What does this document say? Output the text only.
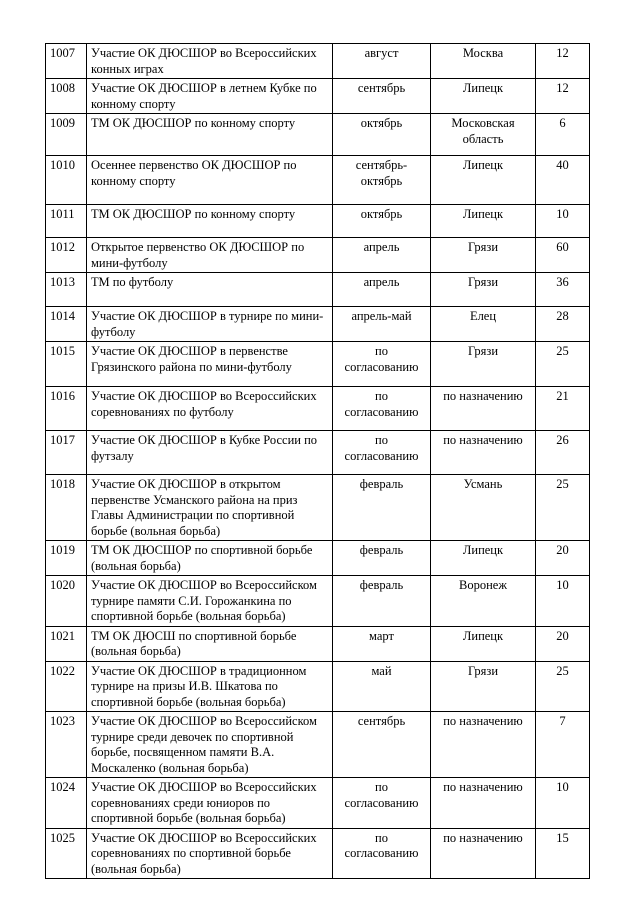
1007	Участие ОК ДЮСШОР во Всероссийских конных играх	август	Москва	12
1008	Участие ОК ДЮСШОР в летнем Кубке по конному спорту	сентябрь	Липецк	12
1009	ТМ ОК ДЮСШОР по конному спорту	октябрь	Московская область	6
1010	Осеннее первенство ОК ДЮСШОР по конному спорту	сентябрь-октябрь	Липецк	40
1011	ТМ ОК ДЮСШОР по конному спорту	октябрь	Липецк	10
1012	Открытое первенство ОК ДЮСШОР по мини-футболу	апрель	Грязи	60
1013	ТМ по футболу	апрель	Грязи	36
1014	Участие ОК ДЮСШОР в турнире по мини-футболу	апрель-май	Елец	28
1015	Участие ОК ДЮСШОР в первенстве Грязинского района по мини-футболу	по согласованию	Грязи	25
1016	Участие ОК ДЮСШОР во Всероссийских соревнованиях по футболу	по согласованию	по назначению	21
1017	Участие ОК ДЮСШОР в Кубке России по футзалу	по согласованию	по назначению	26
1018	Участие ОК ДЮСШОР в открытом первенстве Усманского района на приз Главы Администрации по спортивной борьбе (вольная борьба)	февраль	Усмань	25
1019	ТМ ОК ДЮСШОР по спортивной борьбе (вольная борьба)	февраль	Липецк	20
1020	Участие ОК ДЮСШОР во Всероссийском турнире памяти С.И. Горожанкина по спортивной борьбе (вольная борьба)	февраль	Воронеж	10
1021	ТМ ОК ДЮСШ по спортивной борьбе (вольная борьба)	март	Липецк	20
1022	Участие ОК ДЮСШОР в традиционном турнире на призы И.В. Шкатова по спортивной борьбе (вольная борьба)	май	Грязи	25
1023	Участие ОК ДЮСШОР во Всероссийском турнире среди девочек по спортивной борьбе, посвященном памяти В.А. Москаленко (вольная борьба)	сентябрь	по назначению	7
1024	Участие ОК ДЮСШОР во Всероссийских соревнованиях среди юниоров по спортивной борьбе (вольная борьба)	по согласованию	по назначению	10
1025	Участие ОК ДЮСШОР во Всероссийских соревнованиях по спортивной борьбе (вольная борьба)	по согласованию	по назначению	15
